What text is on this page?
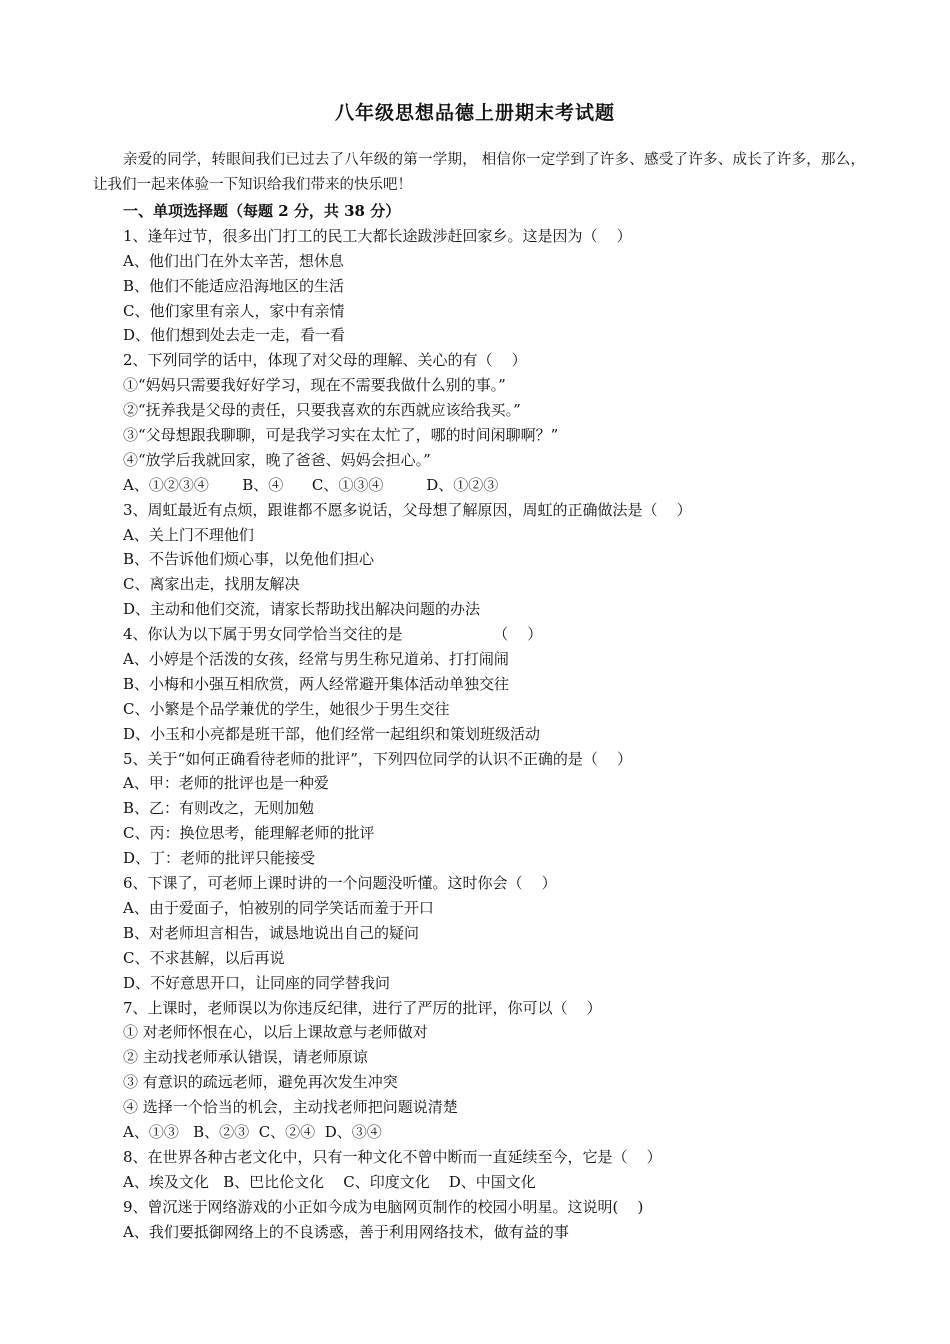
八年级思想品德上册期末考试题
亲爱的同学，转眼间我们已过去了八年级的第一学期， 相信你一定学到了许多、感受了许多、成长了许多，那么，让我们一起来体验一下知识给我们带来的快乐吧！
一、单项选择题（每题 2 分，共 38 分）
1、逢年过节，很多出门打工的民工大都长途跋涉赶回家乡。这是因为（    ）
A、他们出门在外太辛苦，想休息
B、他们不能适应沿海地区的生活
C、他们家里有亲人，家中有亲情
D、他们想到处去走一走，看一看
2、下列同学的话中，体现了对父母的理解、关心的有（    ）
①“妈妈只需要我好好学习，现在不需要我做什么别的事。”
②“抚养我是父母的责任，只要我喜欢的东西就应该给我买。”
③“父母想跟我聊聊，可是我学习实在太忙了，哪的时间闲聊啊？”
④“放学后我就回家，晚了爸爸、妈妈会担心。”
A、①②③④       B、④      C、①③④         D、①②③
3、周虹最近有点烦，跟谁都不愿多说话，父母想了解原因，周虹的正确做法是（    ）
A、关上门不理他们
B、不告诉他们烦心事，以免他们担心
C、离家出走，找朋友解决
D、主动和他们交流，请家长帮助找出解决问题的办法
4、你认为以下属于男女同学恰当交往的是                   （    ）
A、小婷是个活泼的女孩，经常与男生称兄道弟、打打闹闹
B、小梅和小强互相欣赏，两人经常避开集体活动单独交往
C、小繁是个品学兼优的学生，她很少于男生交往
D、小玉和小亮都是班干部，他们经常一起组织和策划班级活动
5、关于“如何正确看待老师的批评”，下列四位同学的认识不正确的是（    ）
A、甲：老师的批评也是一种爱
B、乙：有则改之，无则加勉
C、丙：换位思考，能理解老师的批评
D、丁：老师的批评只能接受
6、下课了，可老师上课时讲的一个问题没听懂。这时你会（    ）
A、由于爱面子，怕被别的同学笑话而羞于开口
B、对老师坦言相告，诚恳地说出自己的疑问
C、不求甚解，以后再说
D、不好意思开口，让同座的同学替我问
7、上课时，老师误以为你违反纪律，进行了严厉的批评，你可以（    ）
① 对老师怀恨在心，以后上课故意与老师做对
② 主动找老师承认错误，请老师原谅
③ 有意识的疏远老师，避免再次发生冲突
④ 选择一个恰当的机会，主动找老师把问题说清楚
A、①③   B、②③  C、②④  D、③④
8、在世界各种古老文化中，只有一种文化不曾中断而一直延续至今，它是（    ）
A、埃及文化   B、巴比伦文化    C、印度文化    D、中国文化
9、曾沉迷于网络游戏的小正如今成为电脑网页制作的校园小明星。这说明(    )
A、我们要抵御网络上的不良诱惑，善于利用网络技术，做有益的事
